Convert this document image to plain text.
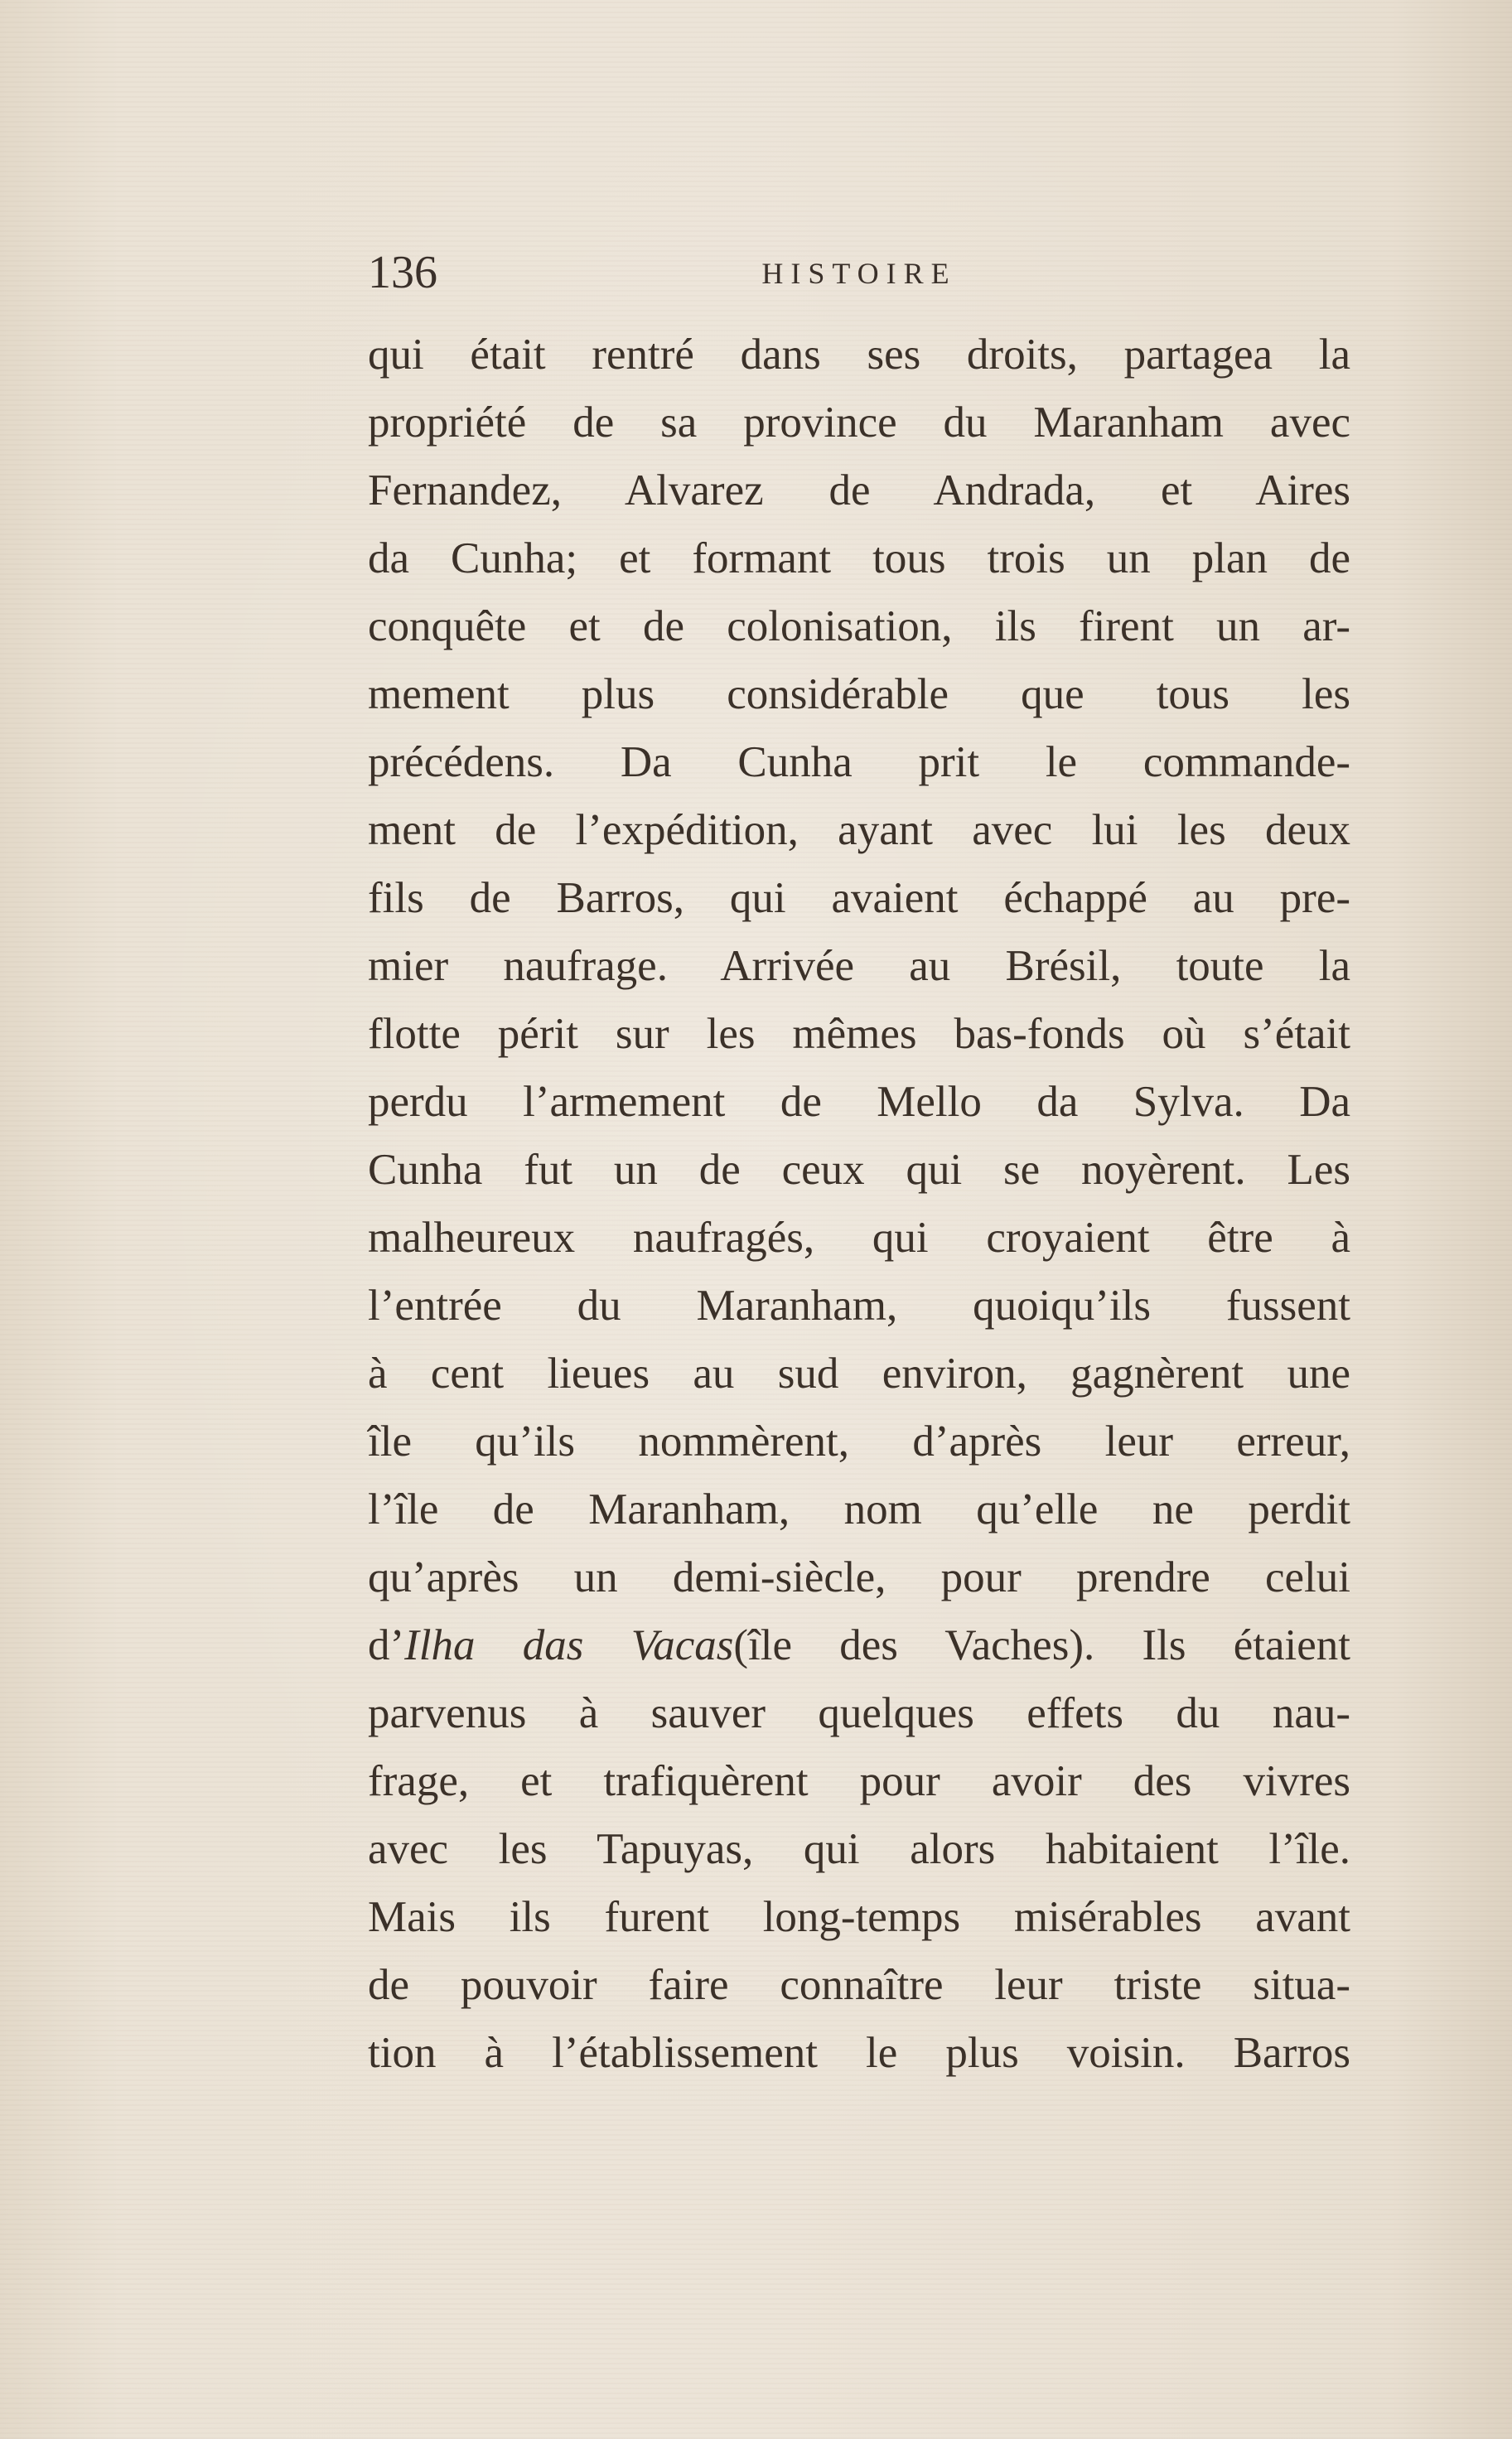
136	HISTOIRE
qui était rentré dans ses droits, partagea la
propriété de sa province du Maranham avec
Fernandez, Alvarez de Andrada, et Aires
da Cunha; et formant tous trois un plan de
conquête et de colonisation, ils firent un ar-
mement plus considérable que tous les
précédens. Da Cunha prit le commande-
ment de l’expédition, ayant avec lui les deux
fils de Barros, qui avaient échappé au pre-
mier naufrage. Arrivée au Brésil, toute la
flotte périt sur les mêmes bas-fonds où s’était
perdu l’armement de Mello da Sylva. Da
Cunha fut un de ceux qui se noyèrent. Les
malheureux naufragés, qui croyaient être à
l’entrée du Maranham, quoiqu’ils fussent
à cent lieues au sud environ, gagnèrent une
île qu’ils nommèrent, d’après leur erreur,
l’île de Maranham, nom qu’elle ne perdit
qu’après un demi-siècle, pour prendre celui
d’Ilha das Vacas(île des Vaches). Ils étaient
parvenus à sauver quelques effets du nau-
frage, et trafiquèrent pour avoir des vivres
avec les Tapuyas, qui alors habitaient l’île.
Mais ils furent long-temps misérables avant
de pouvoir faire connaître leur triste situa-
tion à l’établissement le plus voisin. Barros
